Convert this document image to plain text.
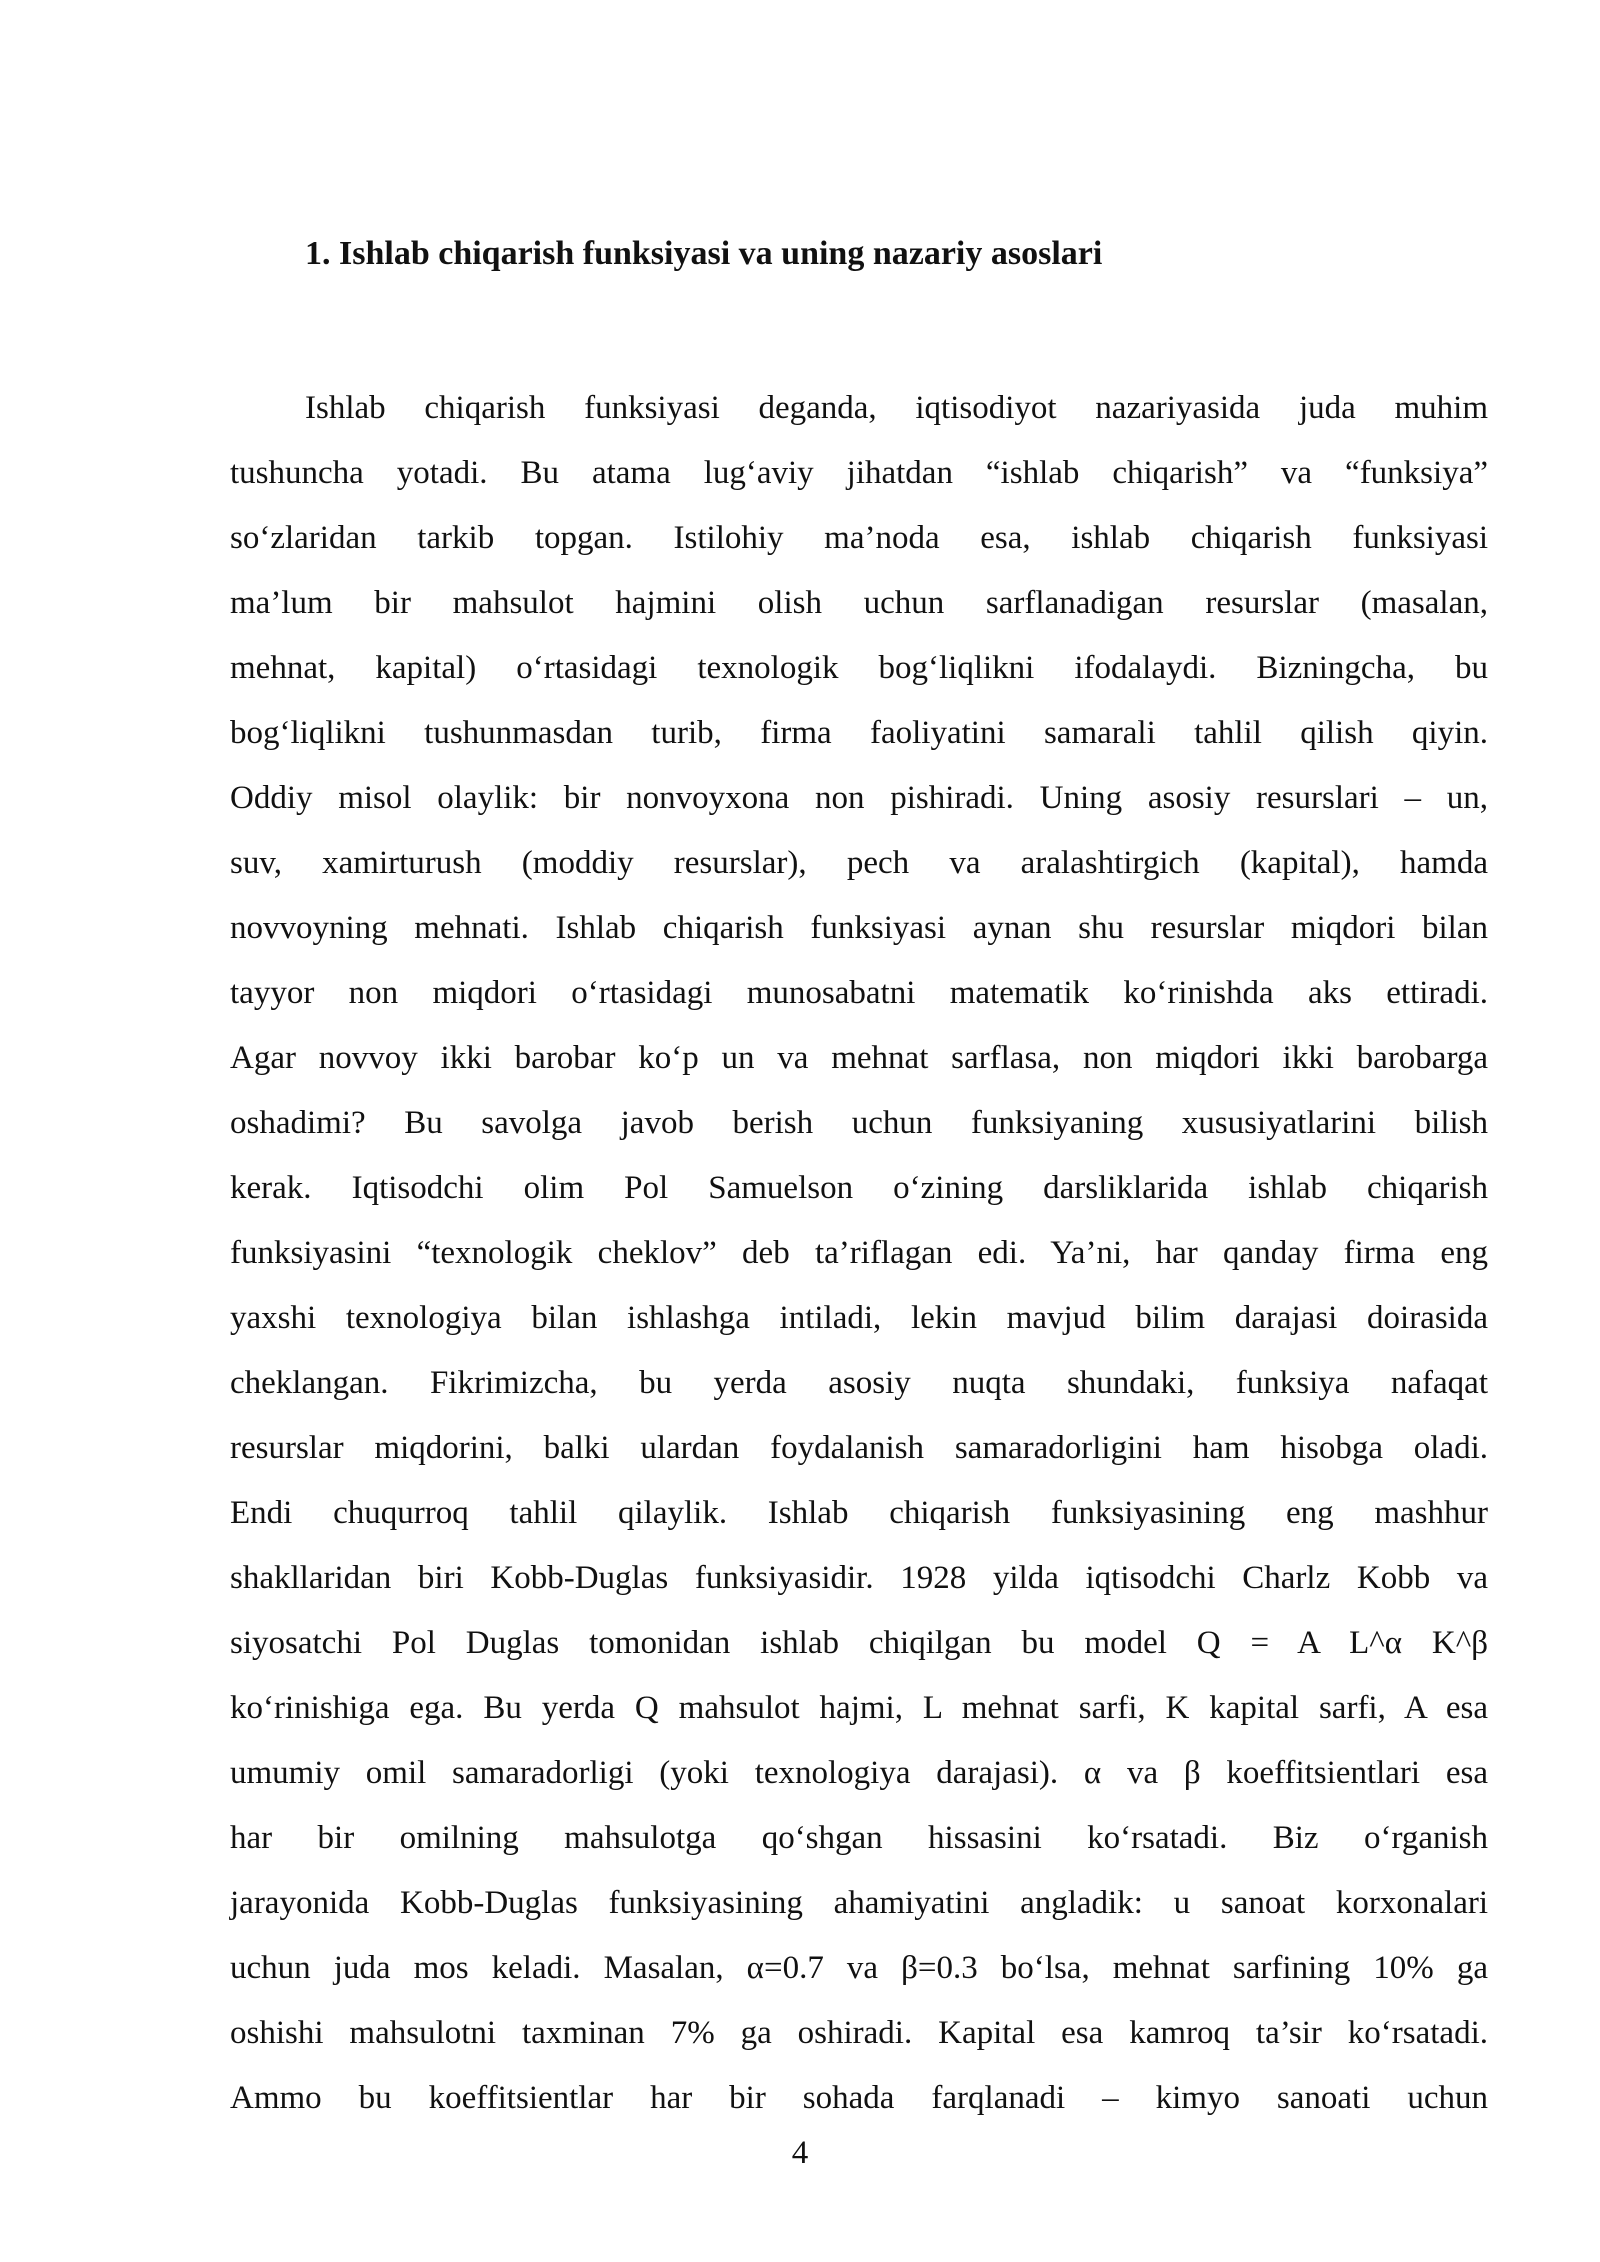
1. Ishlab chiqarish funksiyasi va uning nazariy asoslari
Ishlab chiqarish funksiyasi deganda, iqtisodiyot nazariyasida juda muhim
tushuncha yotadi. Bu atama lug‘aviy jihatdan “ishlab chiqarish” va “funksiya”
so‘zlaridan tarkib topgan. Istilohiy ma’noda esa, ishlab chiqarish funksiyasi
ma’lum bir mahsulot hajmini olish uchun sarflanadigan resurslar (masalan,
mehnat, kapital) o‘rtasidagi texnologik bog‘liqlikni ifodalaydi. Bizningcha, bu
bog‘liqlikni tushunmasdan turib, firma faoliyatini samarali tahlil qilish qiyin.
Oddiy misol olaylik: bir nonvoyxona non pishiradi. Uning asosiy resurslari – un,
suv, xamirturush (moddiy resurslar), pech va aralashtirgich (kapital), hamda
novvoyning mehnati. Ishlab chiqarish funksiyasi aynan shu resurslar miqdori bilan
tayyor non miqdori o‘rtasidagi munosabatni matematik ko‘rinishda aks ettiradi.
Agar novvoy ikki barobar ko‘p un va mehnat sarflasa, non miqdori ikki barobarga
oshadimi? Bu savolga javob berish uchun funksiyaning xususiyatlarini bilish
kerak. Iqtisodchi olim Pol Samuelson o‘zining darsliklarida ishlab chiqarish
funksiyasini “texnologik cheklov” deb ta’riflagan edi. Ya’ni, har qanday firma eng
yaxshi texnologiya bilan ishlashga intiladi, lekin mavjud bilim darajasi doirasida
cheklangan. Fikrimizcha, bu yerda asosiy nuqta shundaki, funksiya nafaqat
resurslar miqdorini, balki ulardan foydalanish samaradorligini ham hisobga oladi.
Endi chuqurroq tahlil qilaylik. Ishlab chiqarish funksiyasining eng mashhur
shakllaridan biri Kobb-Duglas funksiyasidir. 1928 yilda iqtisodchi Charlz Kobb va
siyosatchi Pol Duglas tomonidan ishlab chiqilgan bu model Q = A L^α K^β
ko‘rinishiga ega. Bu yerda Q mahsulot hajmi, L mehnat sarfi, K kapital sarfi, A esa
umumiy omil samaradorligi (yoki texnologiya darajasi). α va β koeffitsientlari esa
har bir omilning mahsulotga qo‘shgan hissasini ko‘rsatadi. Biz o‘rganish
jarayonida Kobb-Duglas funksiyasining ahamiyatini angladik: u sanoat korxonalari
uchun juda mos keladi. Masalan, α=0.7 va β=0.3 bo‘lsa, mehnat sarfining 10% ga
oshishi mahsulotni taxminan 7% ga oshiradi. Kapital esa kamroq ta’sir ko‘rsatadi.
Ammo bu koeffitsientlar har bir sohada farqlanadi – kimyo sanoati uchun
4
